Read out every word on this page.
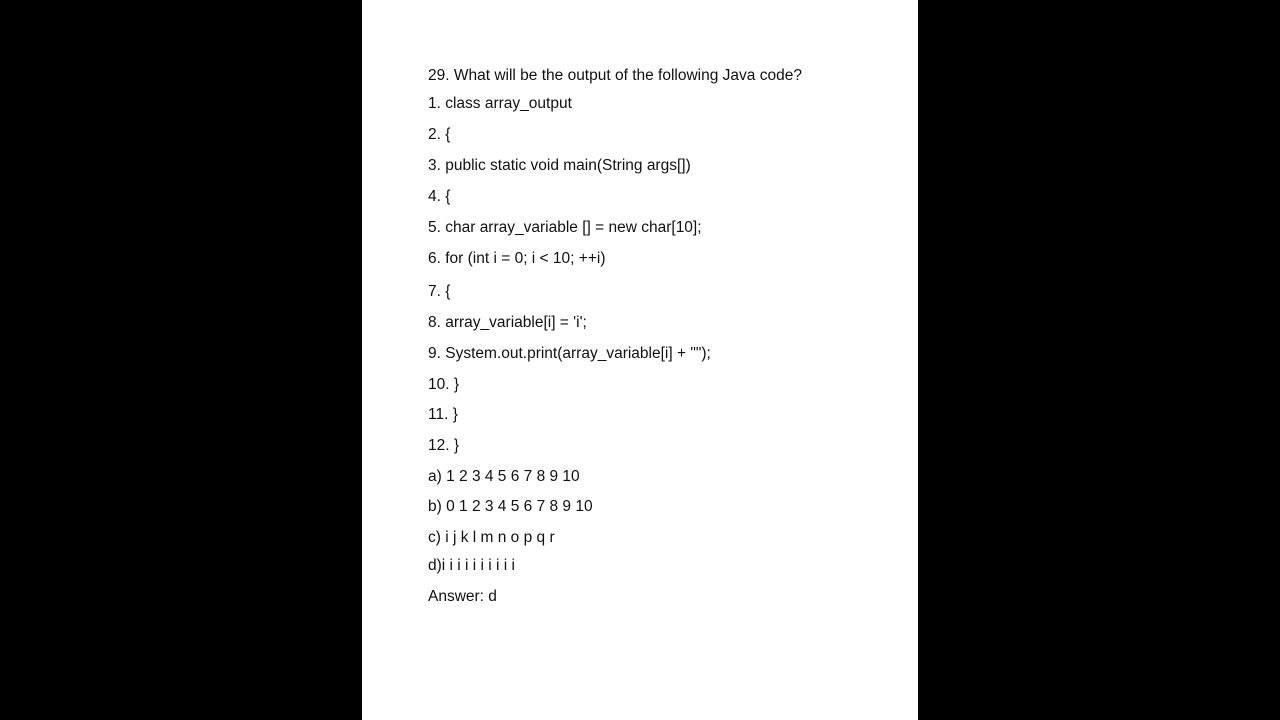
29. What will be the output of the following Java code?

1. class array_output

2. {

3. public static void main(String args[])

4. {

5. char array_variable [] = new char[10];

6. for (int i = 0; i < 10; ++i)

7. {

8. array_variable[i] = 'i';

9. System.out.print(array_variable[i] + "");

10. }

11. }

12. }

a) 1 2 3 4 5 6 7 8 9 10

b) 0 1 2 3 4 5 6 7 8 9 10

c) i j k l m n o p q r

d)i i i i i i i i i i

Answer: d
